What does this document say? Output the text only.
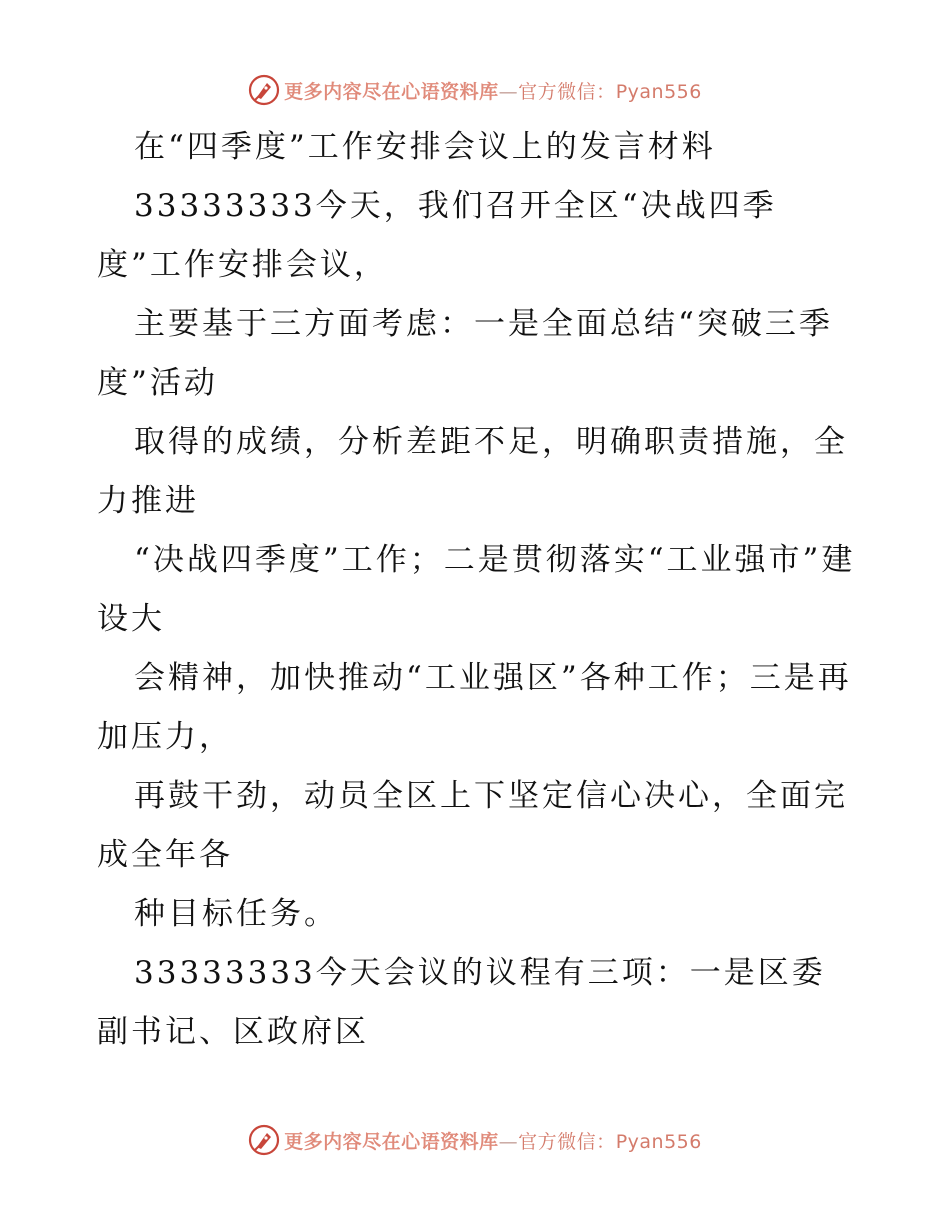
更多内容尽在心语资料库—官方微信：Pyan556

在“四季度”工作安排会议上的发言材料

33333333今天，我们召开全区“决战四季度”工作安排会议，

主要基于三方面考虑：一是全面总结“突破三季度”活动

取得的成绩，分析差距不足，明确职责措施，全力推进

“决战四季度”工作；二是贯彻落实“工业强市”建设大

会精神，加快推动“工业强区”各种工作；三是再加压力，

再鼓干劲，动员全区上下坚定信心决心，全面完成全年各

种目标任务。

33333333今天会议的议程有三项：一是区委副书记、区政府区

更多内容尽在心语资料库—官方微信：Pyan556
